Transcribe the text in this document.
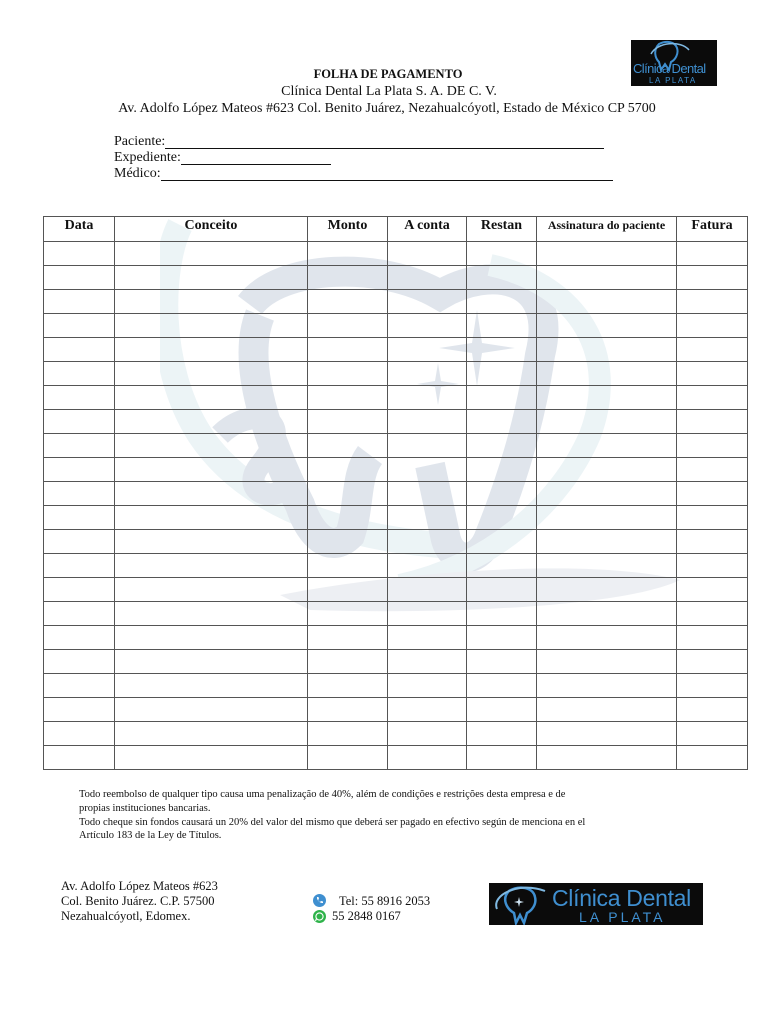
Clínica Dental
LA PLATA
FOLHA DE PAGAMENTO
Clínica Dental La Plata S. A. DE C. V.
Av. Adolfo López Mateos #623 Col. Benito Juárez, Nezahualcóyotl, Estado de México CP 5700
Paciente:
Expediente:
Médico:
Data	Conceito	Monto	A conta	Restan	Assinatura do paciente	Fatura

Todo reembolso de qualquer tipo causa uma penalização de 40%, além de condições e restrições desta empresa e de
propias instituciones bancarias.
Todo cheque sin fondos causará un 20% del valor del mismo que deberá ser pagado en efectivo según de menciona en el
Artículo 183 de la Ley de Títulos.
Av. Adolfo López Mateos #623
Col. Benito Juárez. C.P. 57500
Nezahualcóyotl, Edomex.
Tel: 55 8916 2053
55 2848 0167
Clínica Dental
LA PLATA
